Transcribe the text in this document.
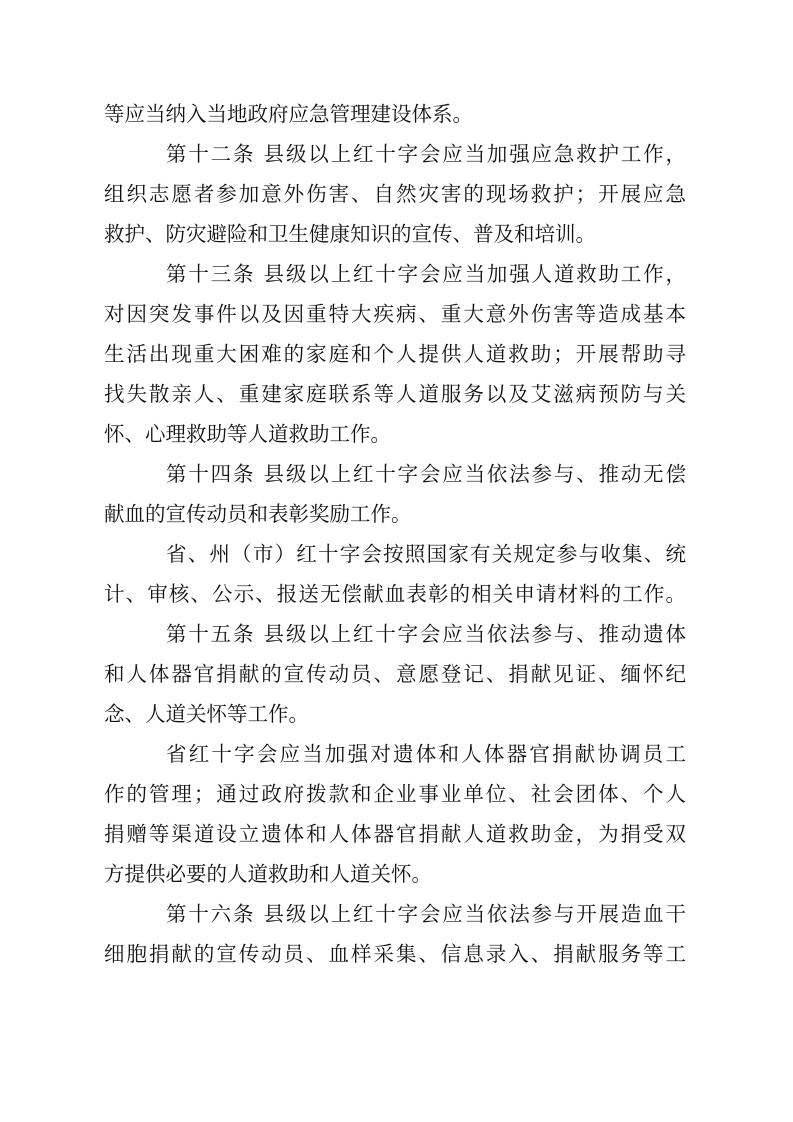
等应当纳入当地政府应急管理建设体系。
第十二条 县级以上红十字会应当加强应急救护工作，
组织志愿者参加意外伤害、自然灾害的现场救护；开展应急
救护、防灾避险和卫生健康知识的宣传、普及和培训。
第十三条 县级以上红十字会应当加强人道救助工作，
对因突发事件以及因重特大疾病、重大意外伤害等造成基本
生活出现重大困难的家庭和个人提供人道救助；开展帮助寻
找失散亲人、重建家庭联系等人道服务以及艾滋病预防与关
怀、心理救助等人道救助工作。
第十四条 县级以上红十字会应当依法参与、推动无偿
献血的宣传动员和表彰奖励工作。
省、州（市）红十字会按照国家有关规定参与收集、统
计、审核、公示、报送无偿献血表彰的相关申请材料的工作。
第十五条 县级以上红十字会应当依法参与、推动遗体
和人体器官捐献的宣传动员、意愿登记、捐献见证、缅怀纪
念、人道关怀等工作。
省红十字会应当加强对遗体和人体器官捐献协调员工
作的管理；通过政府拨款和企业事业单位、社会团体、个人
捐赠等渠道设立遗体和人体器官捐献人道救助金，为捐受双
方提供必要的人道救助和人道关怀。
第十六条 县级以上红十字会应当依法参与开展造血干
细胞捐献的宣传动员、血样采集、信息录入、捐献服务等工
